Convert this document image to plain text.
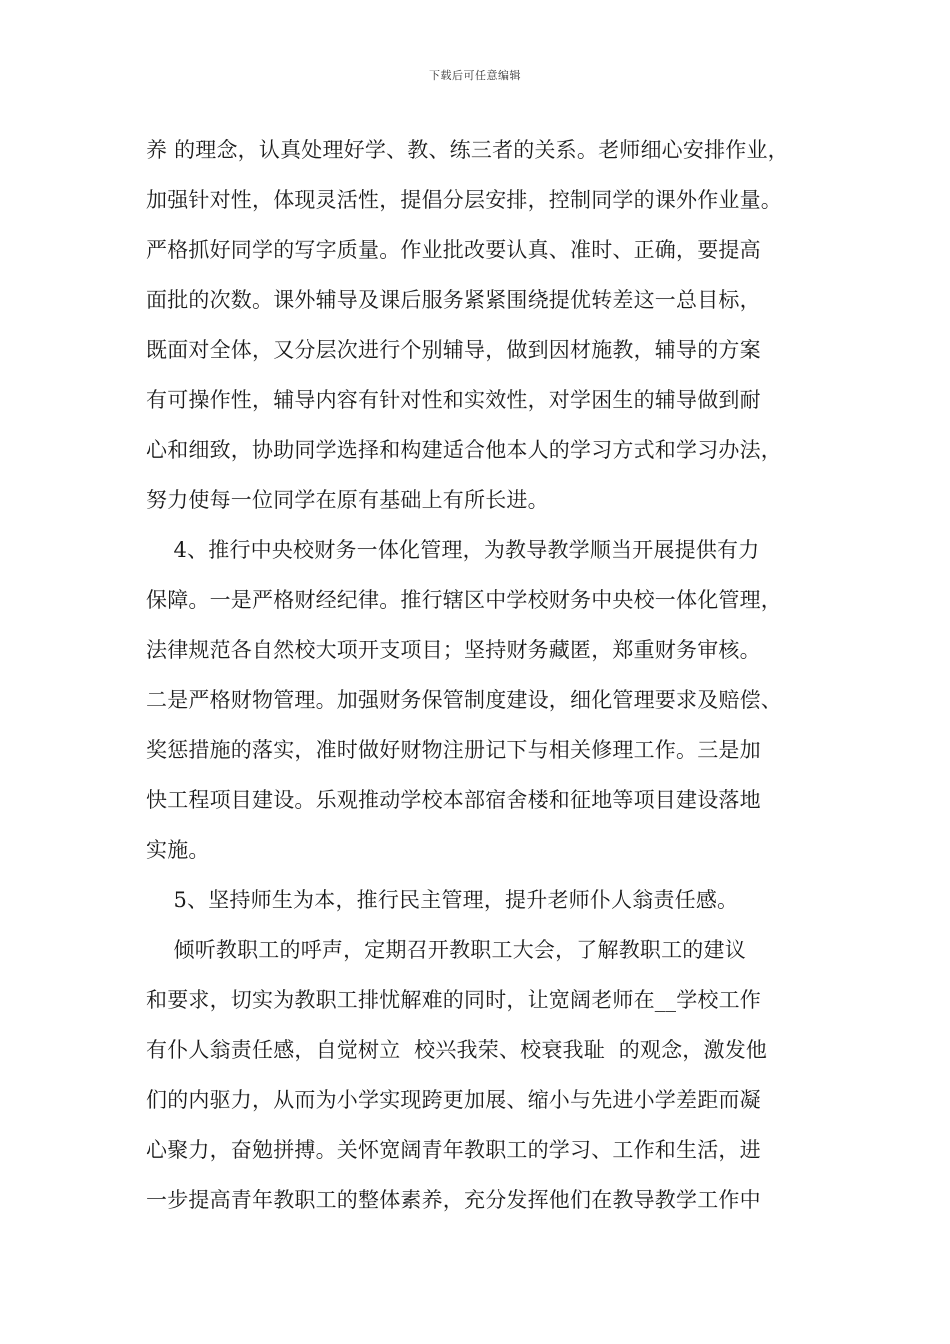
下载后可任意编辑
养 的理念，认真处理好学、教、练三者的关系。老师细心安排作业，
加强针对性，体现灵活性，提倡分层安排，控制同学的课外作业量。
严格抓好同学的写字质量。作业批改要认真、准时、正确，要提高
面批的次数。课外辅导及课后服务紧紧围绕提优转差这一总目标，
既面对全体，又分层次进行个别辅导，做到因材施教，辅导的方案
有可操作性，辅导内容有针对性和实效性，对学困生的辅导做到耐
心和细致，协助同学选择和构建适合他本人的学习方式和学习办法，
努力使每一位同学在原有基础上有所长进。
4、推行中央校财务一体化管理，为教导教学顺当开展提供有力
保障。一是严格财经纪律。推行辖区中学校财务中央校一体化管理，
法律规范各自然校大项开支项目；坚持财务藏匿，郑重财务审核。
二是严格财物管理。加强财务保管制度建设，细化管理要求及赔偿、
奖惩措施的落实，准时做好财物注册记下与相关修理工作。三是加
快工程项目建设。乐观推动学校本部宿舍楼和征地等项目建设落地
实施。
5、坚持师生为本，推行民主管理，提升老师仆人翁责任感。
倾听教职工的呼声，定期召开教职工大会，了解教职工的建议
和要求，切实为教职工排忧解难的同时，让宽阔老师在__学校工作
有仆人翁责任感，自觉树立  校兴我荣、校衰我耻  的观念，激发他
们的内驱力，从而为小学实现跨更加展、缩小与先进小学差距而凝
心聚力，奋勉拼搏。关怀宽阔青年教职工的学习、工作和生活，进
一步提高青年教职工的整体素养，充分发挥他们在教导教学工作中
